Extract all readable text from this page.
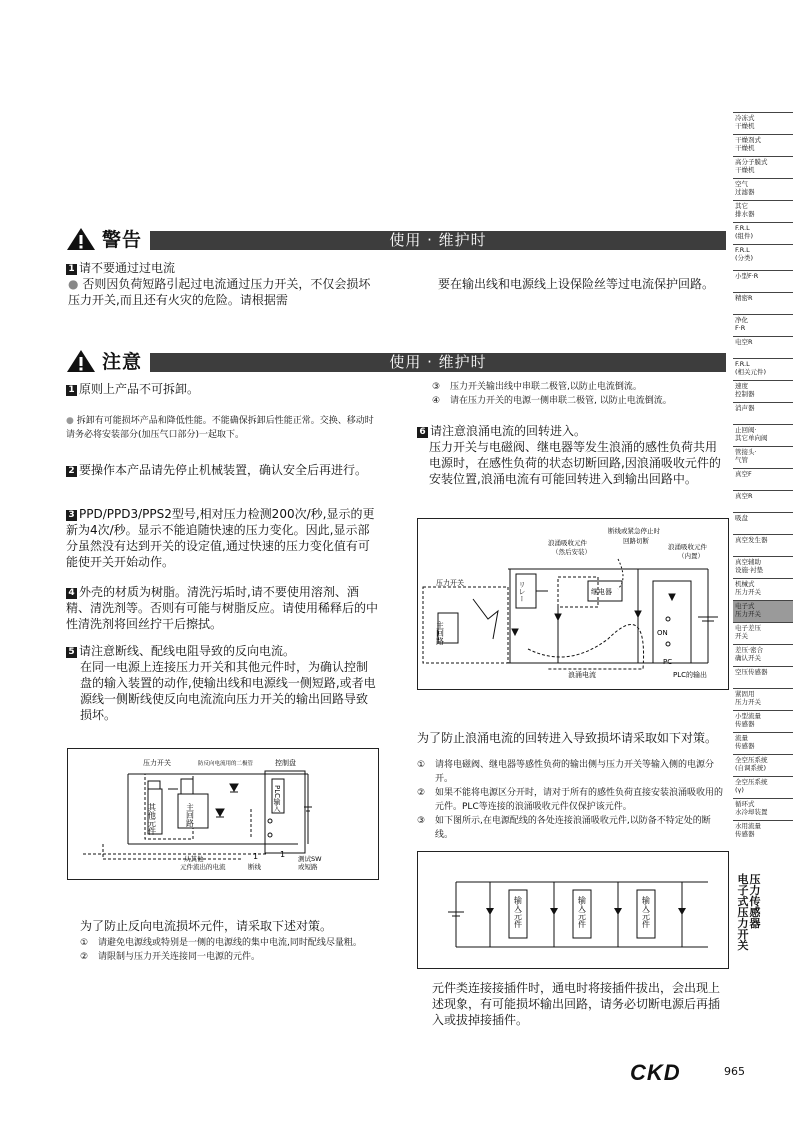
冷冻式
干燥机
干燥剂式
干燥机
高分子膜式
干燥机
空气
过滤器
其它
排水器
F.R.L
(组件)
F.R.L
(分类)
小型F·R
精密R
净化
F·R
电空R
F.R.L
(相关元件)
速度
控制器
消声器
止回阀·
其它单向阀
管接头·
气管
真空F
真空R
吸盘
真空发生器
真空辅助
设施·衬垫
机械式
压力开关
电子式
压力开关
电子差压
开关
差压·密合
确认开关
空压传感器
紧固用
压力开关
小型流量
传感器
流量
传感器
全空压系统
(自调系统)
全空压系统
(γ)
循环式
水冷却装置
水用流量
传感器
电
子
式
压
力
开
关
压
力
传
感
器
警告	使用 · 维护时
1 请不要通过过电流
● 否则因负荷短路引起过电流通过压力开关，不仅会损坏压力开关,而且还有火灾的危险。请根据需
要在输出线和电源线上设保险丝等过电流保护回路。
注意	使用 · 维护时
1 原则上产品不可拆卸。
● 拆卸有可能损坏产品和降低性能。不能确保拆卸后性能正常。交换、移动时请务必将安装部分(加压气口部分)一起取下。
2 要操作本产品请先停止机械装置，确认安全后再进行。
3 PPD/PPD3/PPS2型号,相对压力检测200次/秒,显示的更新为4次/秒。显示不能追随快速的压力变化。因此,显示部分虽然没有达到开关的设定值,通过快速的压力变化值有可能使开关开始动作。
4 外壳的材质为树脂。清洗污垢时,请不要使用溶剂、酒精、清洗剂等。否则有可能与树脂反应。请使用稀释后的中性清洗剂将回丝拧干后擦拭。
5 请注意断线、配线电阻导致的反向电流。
在同一电源上连接压力开关和其他元件时，为确认控制盘的输入装置的动作,使输出线和电源线一侧短路,或者电源线一侧断线使反向电流流向压力开关的输出回路导致损坏。
压力开关	防反向电流用的二极管	控制盘
其他元件	主回路
PLC输入
从其他
元件流出的电流	断线
测试SW
或短路
1	1
为了防止反向电流损坏元件，请采取下述对策。
①	请避免电源线或特别是一侧的电源线的集中电流,同时配线尽量粗。
②	请限制与压力开关连接同一电源的元件。
③	压力开关输出线中串联二极管,以防止电流倒流。
④	请在压力开关的电源一侧串联二极管, 以防止电流倒流。
6 请注意浪涌电流的回转进入。
压力开关与电磁阀、继电器等发生浪涌的感性负荷共用电源时，在感性负荷的状态切断回路,因浪涌吸收元件的安装位置,浪涌电流有可能回转进入到输出回路中。
主回路
リレー	继电器
浪涌吸收元件
（然后安装）
断线或紧急停止时
回路切断
浪涌吸收元件
（内置）
压力开关
ON
PC
浪涌电流	PLC的输出
为了防止浪涌电流的回转进入导致损坏请采取如下对策。
①	请将电磁阀、继电器等感性负荷的输出侧与压力开关等输入侧的电源分开。
②	如果不能将电源区分开时，请对于所有的感性负荷直接安装浪涌吸收用的元件。PLC等连接的浪涌吸收元件仅保护该元件。
③	如下图所示,在电源配线的各处连接浪涌吸收元件,以防备不特定处的断线。
输入元件	输入元件	输入元件
元件类连接接插件时，通电时将接插件拔出，会出现上述现象，有可能损坏输出回路，请务必切断电源后再插入或拔掉接插件。
CKD	965
